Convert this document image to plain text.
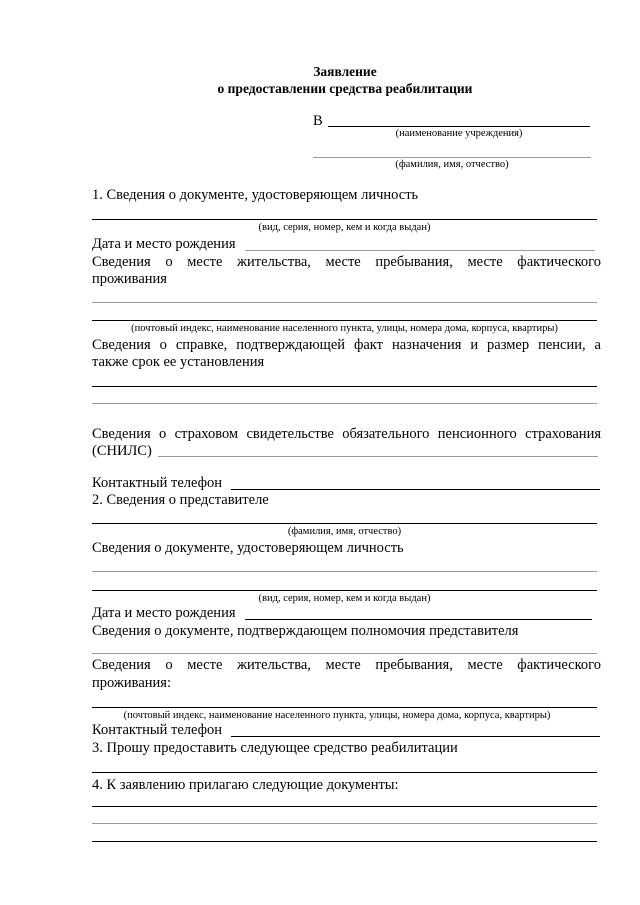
Заявление
о предоставлении средства реабилитации
В
(наименование учреждения)
(фамилия, имя, отчество)
1. Сведения о документе, удостоверяющем личность
(вид, серия, номер, кем и когда выдан)
Дата и место рождения
Сведения о месте жительства, месте пребывания, месте фактического
проживания
(почтовый индекс, наименование населенного пункта, улицы, номера дома, корпуса, квартиры)
Сведения о справке, подтверждающей факт назначения и размер пенсии, а
также срок ее установления
Сведения о страховом свидетельстве обязательного пенсионного страхования
(СНИЛС)
Контактный телефон
2. Сведения о представителе
(фамилия, имя, отчество)
Сведения о документе, удостоверяющем личность
(вид, серия, номер, кем и когда выдан)
Дата и место рождения
Сведения о документе, подтверждающем полномочия представителя
Сведения о месте жительства, месте пребывания, месте фактического
проживания:
(почтовый индекс, наименование населенного пункта, улицы, номера дома, корпуса, квартиры)
Контактный телефон
3. Прошу предоставить следующее средство реабилитации
4. К заявлению прилагаю следующие документы:
